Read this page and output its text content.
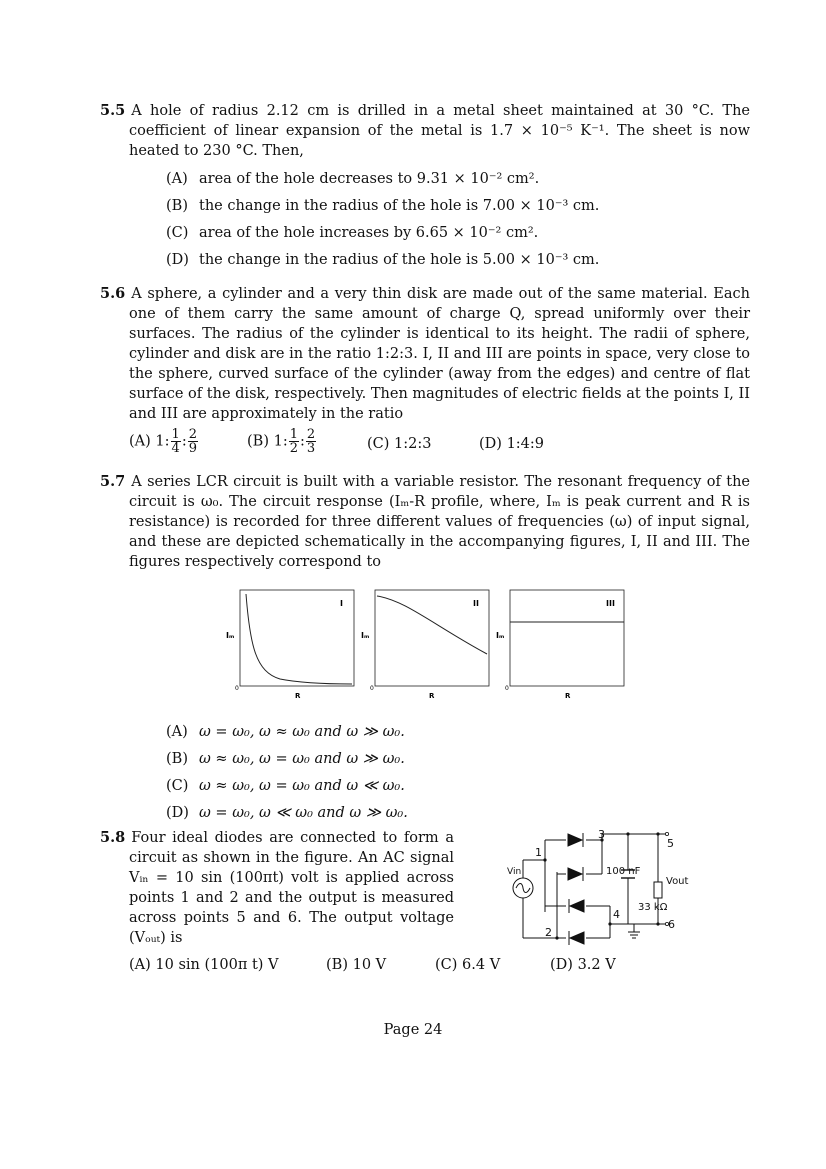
5.5 A hole of radius 2.12 cm is drilled in a metal sheet maintained at 30 °C. The coefficient of linear expansion of the metal is 1.7 × 10⁻⁵ K⁻¹. The sheet is now heated to 230 °C. Then,
(A) area of the hole decreases to 9.31 × 10⁻² cm².
(B) the change in the radius of the hole is 7.00 × 10⁻³ cm.
(C) area of the hole increases by 6.65 × 10⁻² cm².
(D) the change in the radius of the hole is 5.00 × 10⁻³ cm.
5.6 A sphere, a cylinder and a very thin disk are made out of the same material. Each one of them carry the same amount of charge Q, spread uniformly over their surfaces. The radius of the cylinder is identical to its height. The radii of sphere, cylinder and disk are in the ratio 1:2:3. I, II and III are points in space, very close to the sphere, curved surface of the cylinder (away from the edges) and centre of flat surface of the disk, respectively. Then magnitudes of electric fields at the points I, II and III are approximately in the ratio
(A) 1: $\frac{1}{4}$ : $\frac{2}{9}$	(B) 1: $\frac{1}{2}$ : $\frac{2}{3}$	(C) 1:2:3	(D) 1:4:9
5.7 A series LCR circuit is built with a variable resistor. The resonant frequency of the circuit is ω₀. The circuit response (Iₘ-R profile, where, Iₘ is peak current and R is resistance) is recorded for three different values of frequencies (ω) of input signal, and these are depicted schematically in the accompanying figures, I, II and III. The figures respectively correspond to
I
Iₘ
R
0
II
Iₘ
R
0
III
Iₘ
R
0
(A) ω = ω₀, ω ≈ ω₀ and ω ≫ ω₀.
(B) ω ≈ ω₀, ω = ω₀ and ω ≫ ω₀.
(C) ω ≈ ω₀, ω = ω₀ and ω ≪ ω₀.
(D) ω = ω₀, ω ≪ ω₀ and ω ≫ ω₀.
5.8 Four ideal diodes are connected to form a circuit as shown in the figure. An AC signal Vᵢₙ = 10 sin (100πt) volt is applied across points 1 and 2 and the output is measured across points 5 and 6. The output voltage (Vₒᵤₜ) is
1
2
3
4
5
6
Vin
Vout
100 nF
33 kΩ
(A) 10 sin (100π t) V	(B) 10 V	(C) 6.4 V	(D) 3.2 V
Page 24
